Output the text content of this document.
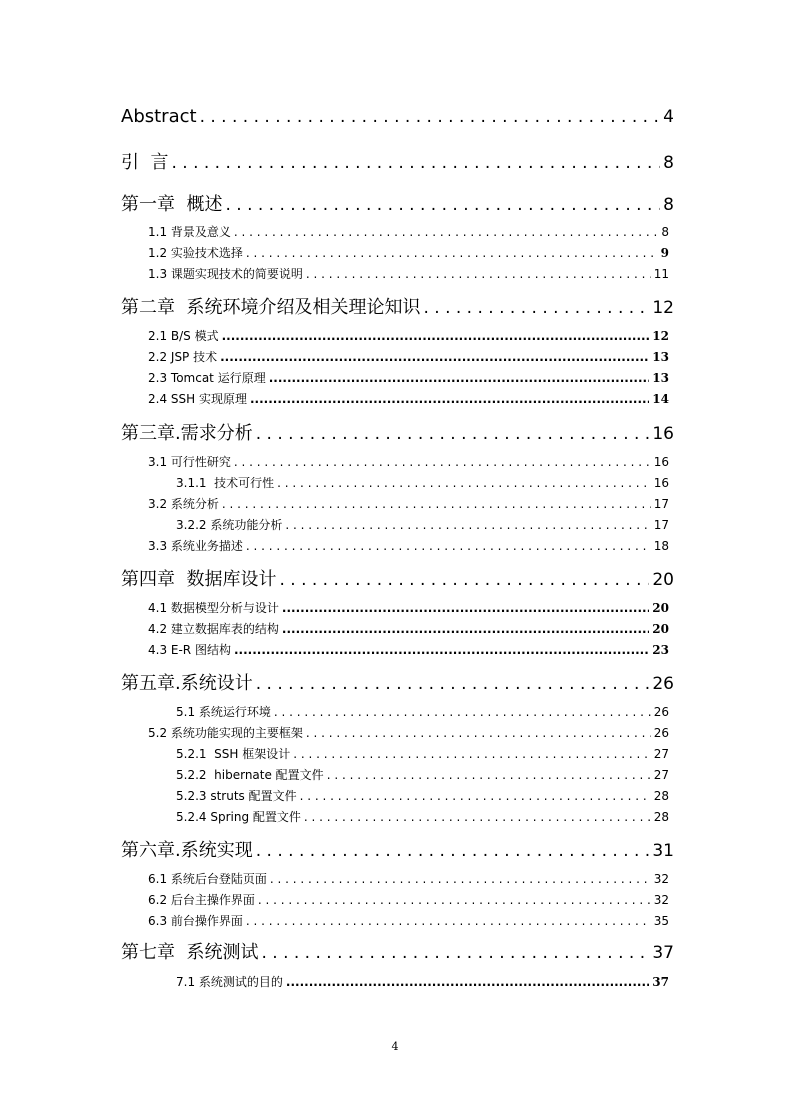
Abstract . . .	4
引  言 . . .	8
第一章  概述 . . .	8
1.1 背景及意义 . . .	8
1.2 实验技术选择 . . .	9
1.3 课题实现技术的简要说明 . . .	11
第二章  系统环境介绍及相关理论知识 . . .	12
2.1 B/S 模式 .....	12
2.2 JSP 技术 .....	13
2.3 Tomcat 运行原理 .....	13
2.4 SSH 实现原理 .....	14
第三章.需求分析 . . .	16
3.1 可行性研究 . . .	16
3.1.1  技术可行性 . . .	16
3.2 系统分析 . . .	17
3.2.2 系统功能分析 . . .	17
3.3 系统业务描述 . . .	18
第四章  数据库设计 . . .	20
4.1 数据模型分析与设计 .....	20
4.2 建立数据库表的结构 .....	20
4.3 E-R 图结构 .....	23
第五章.系统设计 . . .	26
5.1 系统运行环境 . . .	26
5.2 系统功能实现的主要框架 . . .	26
5.2.1  SSH 框架设计 . . .	27
5.2.2  hibernate 配置文件 . . .	27
5.2.3 struts 配置文件 . . .	28
5.2.4 Spring 配置文件 . . .	28
第六章.系统实现 . . .	31
6.1 系统后台登陆页面 . . .	32
6.2 后台主操作界面 . . .	32
6.3 前台操作界面 . . .	35
第七章  系统测试 . . .	37
7.1 系统测试的目的 .....	37
4
